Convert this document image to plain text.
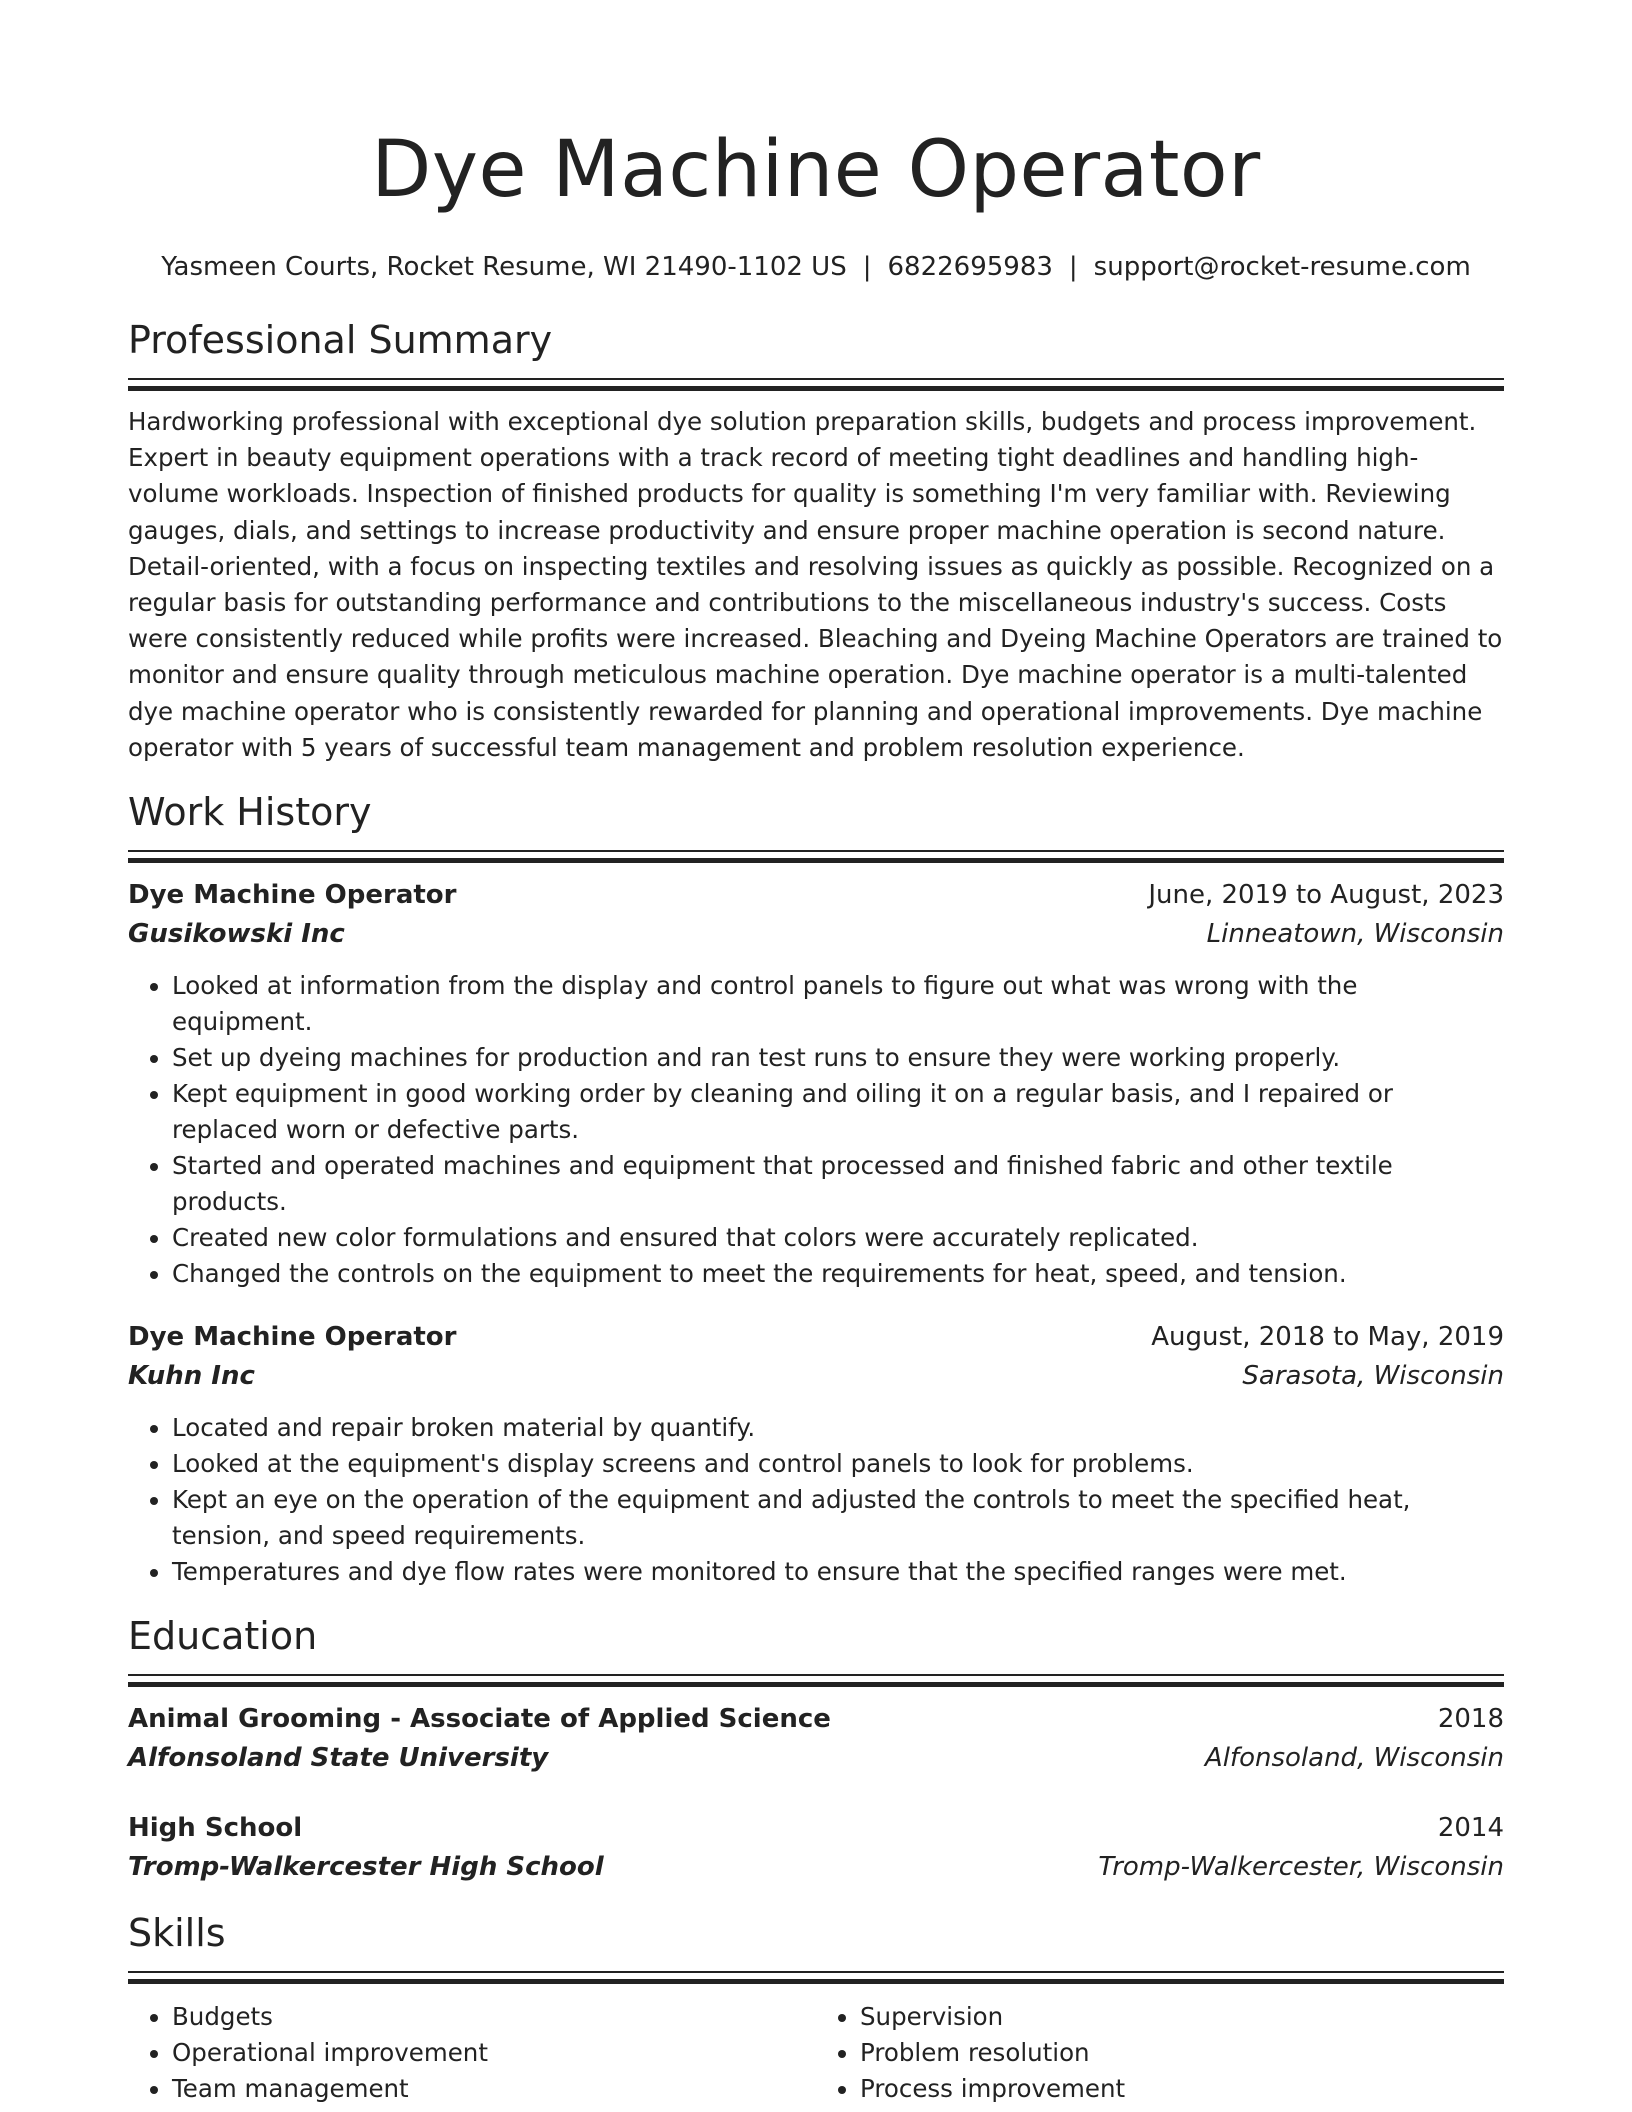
Dye Machine Operator
Yasmeen Courts, Rocket Resume, WI 21490-1102 US | 6822695983 | support@rocket-resume.com
Professional Summary

Hardworking professional with exceptional dye solution preparation skills, budgets and process improvement. Expert in beauty equipment operations with a track record of meeting tight deadlines and handling high-volume workloads. Inspection of finished products for quality is something I'm very familiar with. Reviewing gauges, dials, and settings to increase productivity and ensure proper machine operation is second nature. Detail-oriented, with a focus on inspecting textiles and resolving issues as quickly as possible. Recognized on a regular basis for outstanding performance and contributions to the miscellaneous industry's success. Costs were consistently reduced while profits were increased. Bleaching and Dyeing Machine Operators are trained to monitor and ensure quality through meticulous machine operation. Dye machine operator is a multi-talented dye machine operator who is consistently rewarded for planning and operational improvements. Dye machine operator with 5 years of successful team management and problem resolution experience.

Work History
Dye Machine Operator	June, 2019 to August, 2023
Gusikowski Inc	Linneatown, Wisconsin
• Looked at information from the display and control panels to figure out what was wrong with the equipment.
• Set up dyeing machines for production and ran test runs to ensure they were working properly.
• Kept equipment in good working order by cleaning and oiling it on a regular basis, and I repaired or replaced worn or defective parts.
• Started and operated machines and equipment that processed and finished fabric and other textile products.
• Created new color formulations and ensured that colors were accurately replicated.
• Changed the controls on the equipment to meet the requirements for heat, speed, and tension.
Dye Machine Operator	August, 2018 to May, 2019
Kuhn Inc	Sarasota, Wisconsin
• Located and repair broken material by quantify.
• Looked at the equipment's display screens and control panels to look for problems.
• Kept an eye on the operation of the equipment and adjusted the controls to meet the specified heat, tension, and speed requirements.
• Temperatures and dye flow rates were monitored to ensure that the specified ranges were met.
Education
Animal Grooming - Associate of Applied Science	2018
Alfonsoland State University	Alfonsoland, Wisconsin
High School	2014
Tromp-Walkercester High School	Tromp-Walkercester, Wisconsin
Skills
• Budgets
• Operational improvement
• Team management
• Supervision
• Problem resolution
• Process improvement
